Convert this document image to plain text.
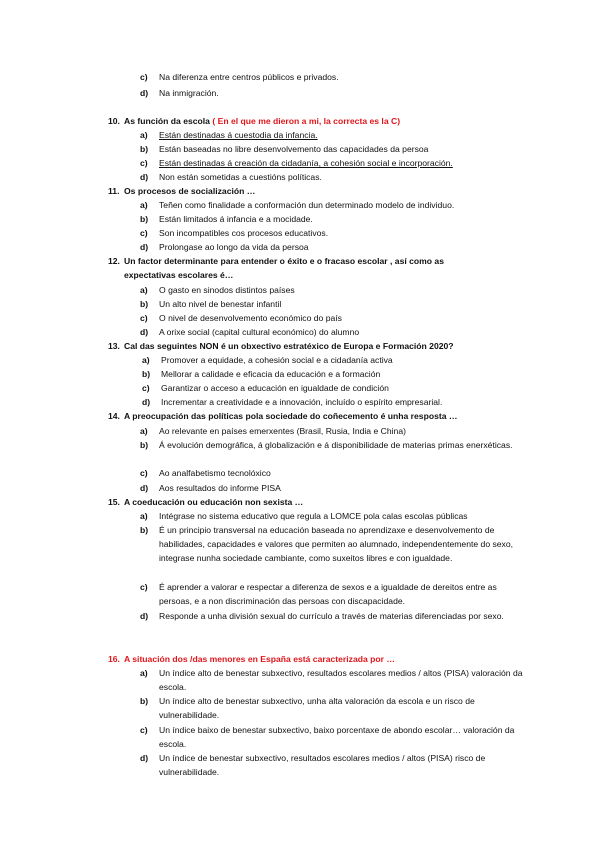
c) Na diferenza entre centros públicos e privados.
d) Na inmigración.
10. As función da escola ( En el que me dieron a mi, la correcta es la C)
a) Están destinadas á cuestodia da infancia.
b) Están baseadas no libre desenvolvemento das capacidades da persoa
c) Están destinadas á creación da cidadanía, a cohesión social e incorporación.
d) Non están sometidas a cuestións políticas.
11. Os procesos de socialización …
a) Teñen como finalidade a conformación dun determinado modelo de individuo.
b) Están limitados á infancia e a mocidade.
c) Son incompatibles cos procesos educativos.
d) Prolongase ao longo da vida da persoa
12. Un factor determinante para entender o éxito e o fracaso escolar , así como as expectativas escolares é…
a) O gasto en sinodos distintos países
b) Un alto nivel de benestar infantil
c) O nivel de desenvolvemento económico do país
d) A orixe social (capital cultural económico) do alumno
13. Cal das seguintes NON é un obxectivo estratéxico de Europa e Formación 2020?
a) Promover a equidade, a cohesión social e a cidadanía activa
b) Mellorar a calidade e eficacia da educación e a formación
c) Garantizar o acceso a educación en igualdade de condición
d) Incrementar a creatividade e a innovación, incluído o espírito empresarial.
14. A preocupación das políticas pola sociedade do coñecemento é unha resposta …
a) Ao relevante en países emerxentes (Brasil, Rusia, India e China)
b) Á evolución demográfica, á globalización e á disponibilidade de materias primas enerxéticas.
c) Ao analfabetismo tecnolóxico
d) Aos resultados do informe PISA
15. A coeducación ou educación non sexista …
a) Intégrase no sistema educativo que regula a LOMCE pola calas escolas públicas
b) É un principio transversal na educación baseada no aprendizaxe e desenvolvemento de habilidades, capacidades e valores que permiten ao alumnado, independentemente do sexo, integrase nunha sociedade cambiante, como suxeitos libres e con igualdade.
c) É aprender a valorar e respectar a diferenza de sexos e a igualdade de dereitos entre as persoas, e a non discriminación das persoas con discapacidade.
d) Responde a unha división sexual do currículo a través de materias diferenciadas por sexo.
16. A situación dos /das menores en España está caracterizada por …
a) Un índice alto de benestar subxectivo, resultados escolares medios / altos (PISA) valoración da escola.
b) Un índice alto de benestar subxectivo, unha alta valoración da escola e un risco de vulnerabilidade.
c) Un índice baixo de benestar subxectivo, baixo porcentaxe de abondo escolar… valoración da escola.
d) Un índice de benestar subxectivo, resultados escolares medios / altos (PISA) risco de vulnerabilidade.
